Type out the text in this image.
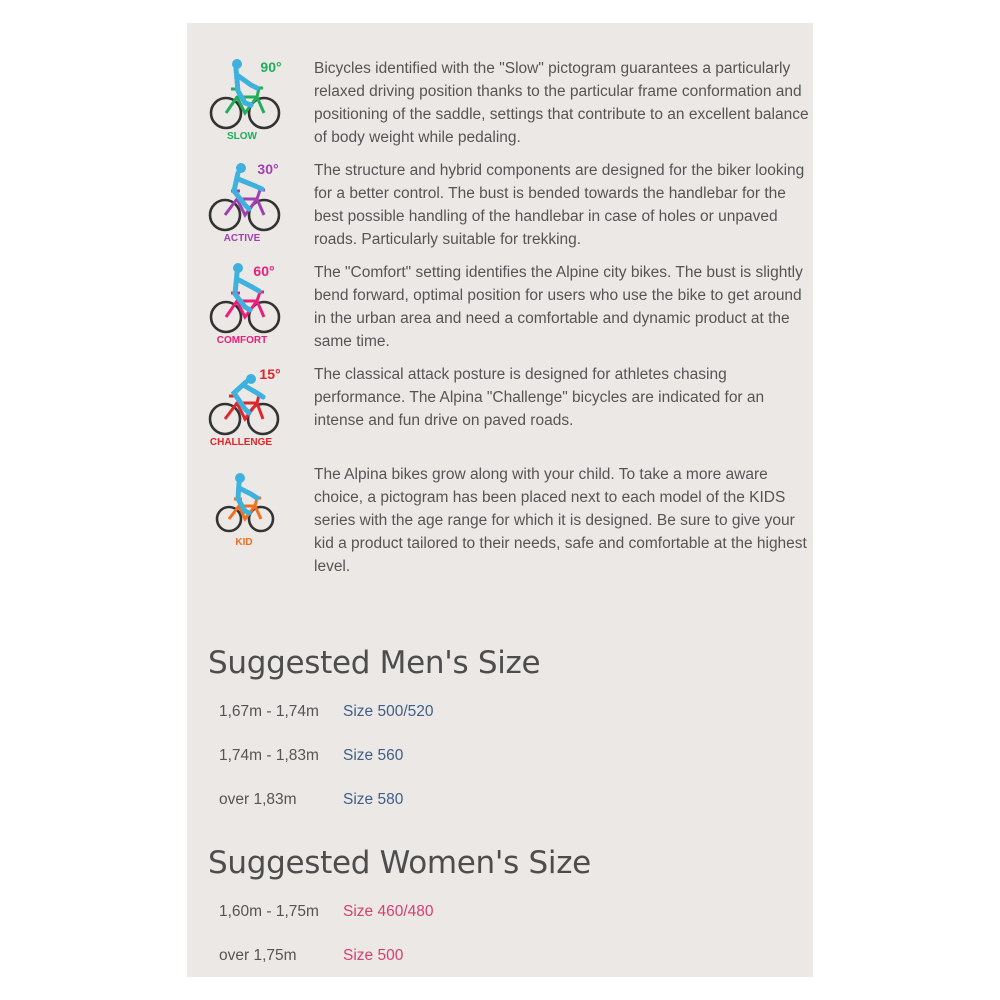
90°
SLOW

Bicycles identified with the "Slow" pictogram guarantees a particularly relaxed driving position thanks to the particular frame conformation and positioning of the saddle, settings that contribute to an excellent balance of body weight while pedaling.

30°
ACTIVE

The structure and hybrid components are designed for the biker looking for a better control. The bust is bended towards the handlebar for the best possible handling of the handlebar in case of holes or unpaved roads. Particularly suitable for trekking.

60°
COMFORT

The "Comfort" setting identifies the Alpine city bikes. The bust is slightly bend forward, optimal position for users who use the bike to get around in the urban area and need a comfortable and dynamic product at the same time.

15°
CHALLENGE

The classical attack posture is designed for athletes chasing performance. The Alpina "Challenge" bicycles are indicated for an intense and fun drive on paved roads.

KID

The Alpina bikes grow along with your child. To take a more aware choice, a pictogram has been placed next to each model of the KIDS series with the age range for which it is designed. Be sure to give your kid a product tailored to their needs, safe and comfortable at the highest level.

Suggested Men's Size
1,67m - 1,74m Size 500/520
1,74m - 1,83m Size 560
over 1,83m	Size 580
Suggested Women's Size
1,60m - 1,75m Size 460/480
over 1,75m	Size 500
